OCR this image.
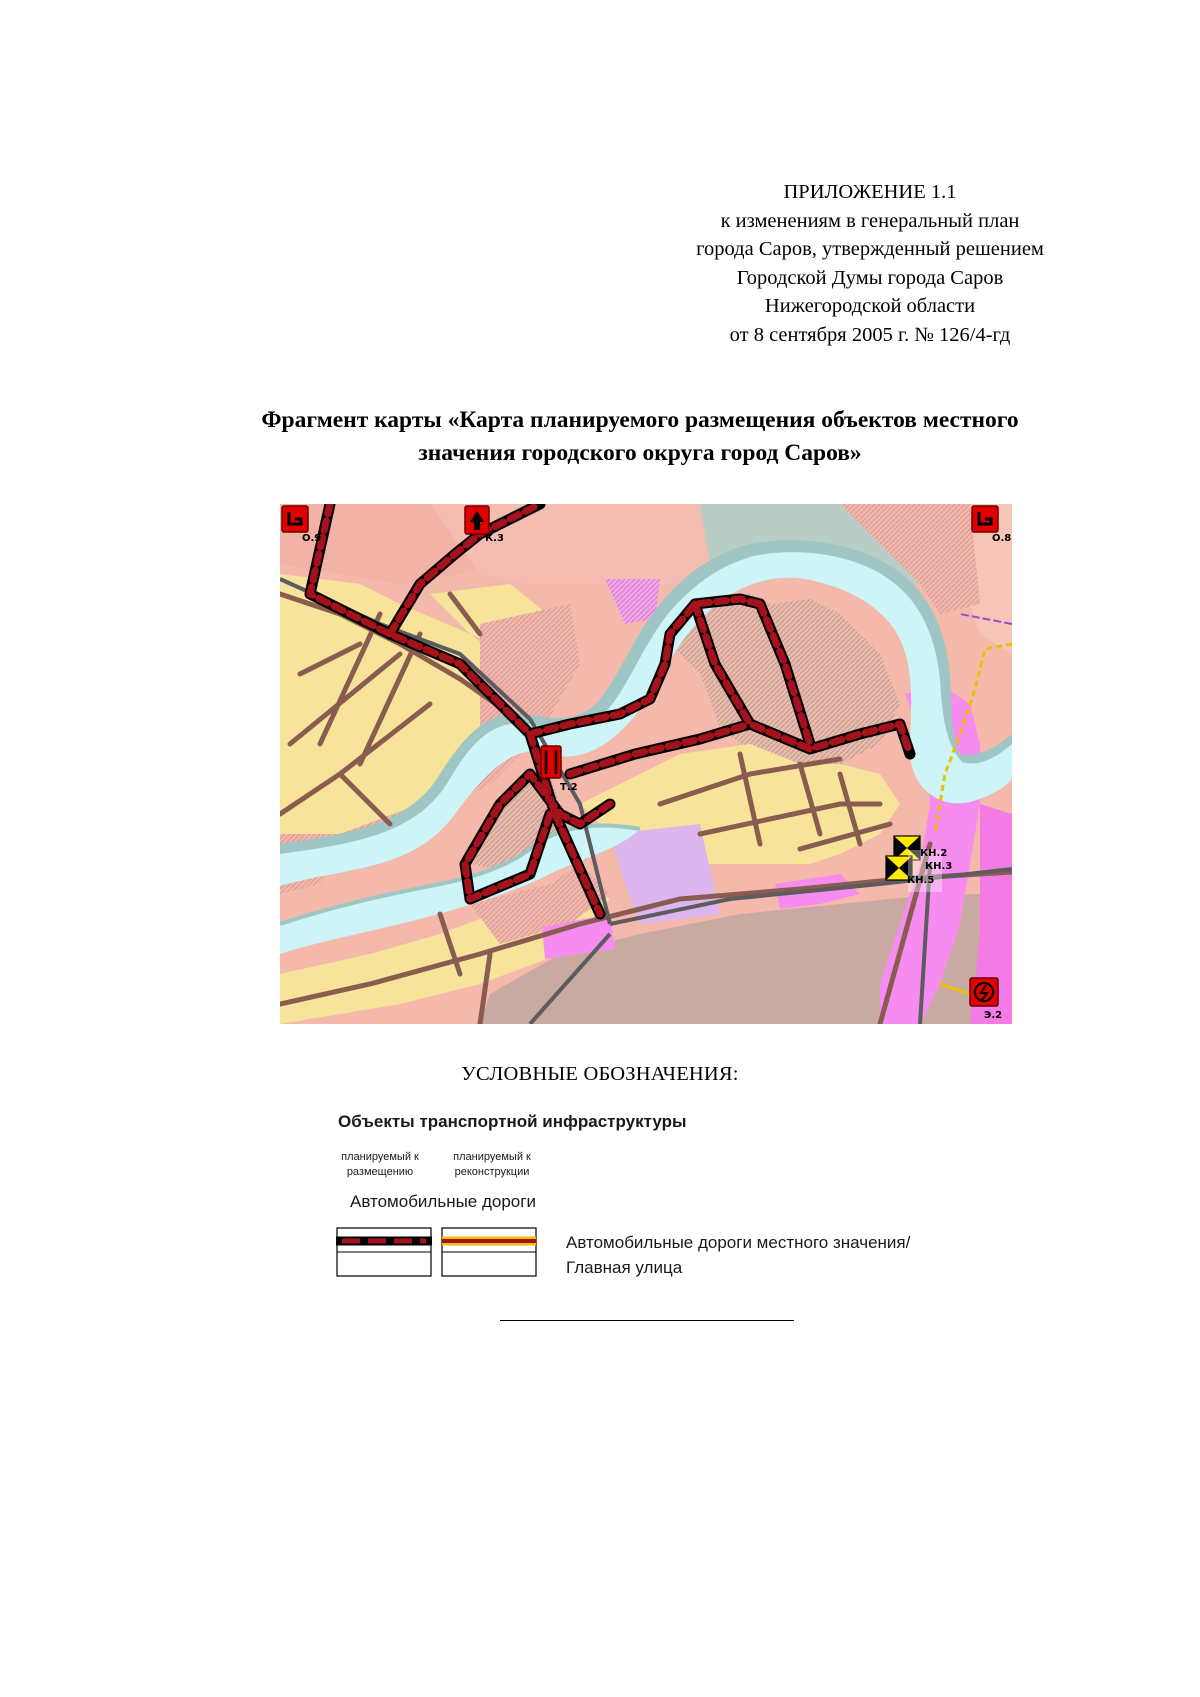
ПРИЛОЖЕНИЕ 1.1
к изменениям в генеральный план
города Саров, утвержденный решением
Городской Думы города Саров
Нижегородской области
от 8 сентября 2005 г. № 126/4-гд
Фрагмент карты «Карта планируемого размещения объектов местного
значения городского округа город Саров»
О.9	К.3	О.8
Т.2
КН.2
КН.3
КН.5
Э.2
УСЛОВНЫЕ ОБОЗНАЧЕНИЯ:
Объекты транспортной инфраструктуры
планируемый к
размещению
планируемый к
реконструкции
Автомобильные дороги
Автомобильные дороги местного значения/
Главная улица
